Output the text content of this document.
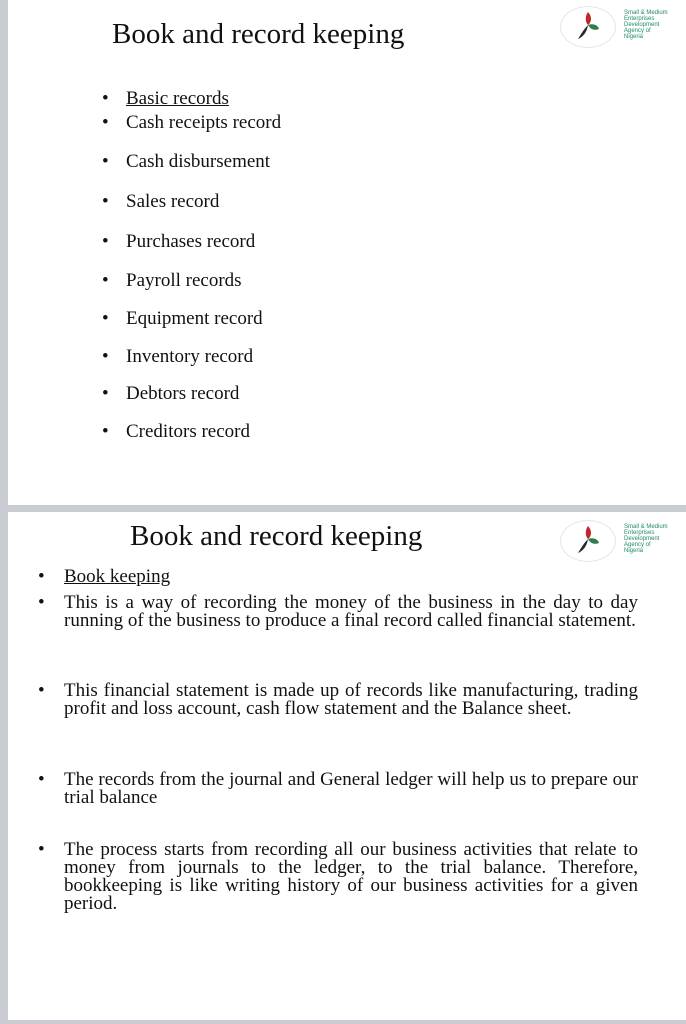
Book and record keeping
Small & Medium
Enterprises
Development
Agency of
Nigeria
• Basic records
• Cash receipts record
• Cash disbursement
• Sales record
• Purchases record
• Payroll records
• Equipment record
• Inventory record
• Debtors record
• Creditors record
Book and record keeping	Small & Medium
Enterprises
Development
Agency of
Nigeria
• Book keeping
• This is a way of recording the money of the business in the day to day running of the business to produce a final record called financial statement.
• This financial statement is made up of records like manufacturing, trading profit and loss account, cash flow statement and the Balance sheet.
• The records from the journal and General ledger will help us to prepare our trial balance
• The process starts from recording all our business activities that relate to money from journals to the ledger, to the trial balance. Therefore, bookkeeping is like writing history of our business activities for a given period.
